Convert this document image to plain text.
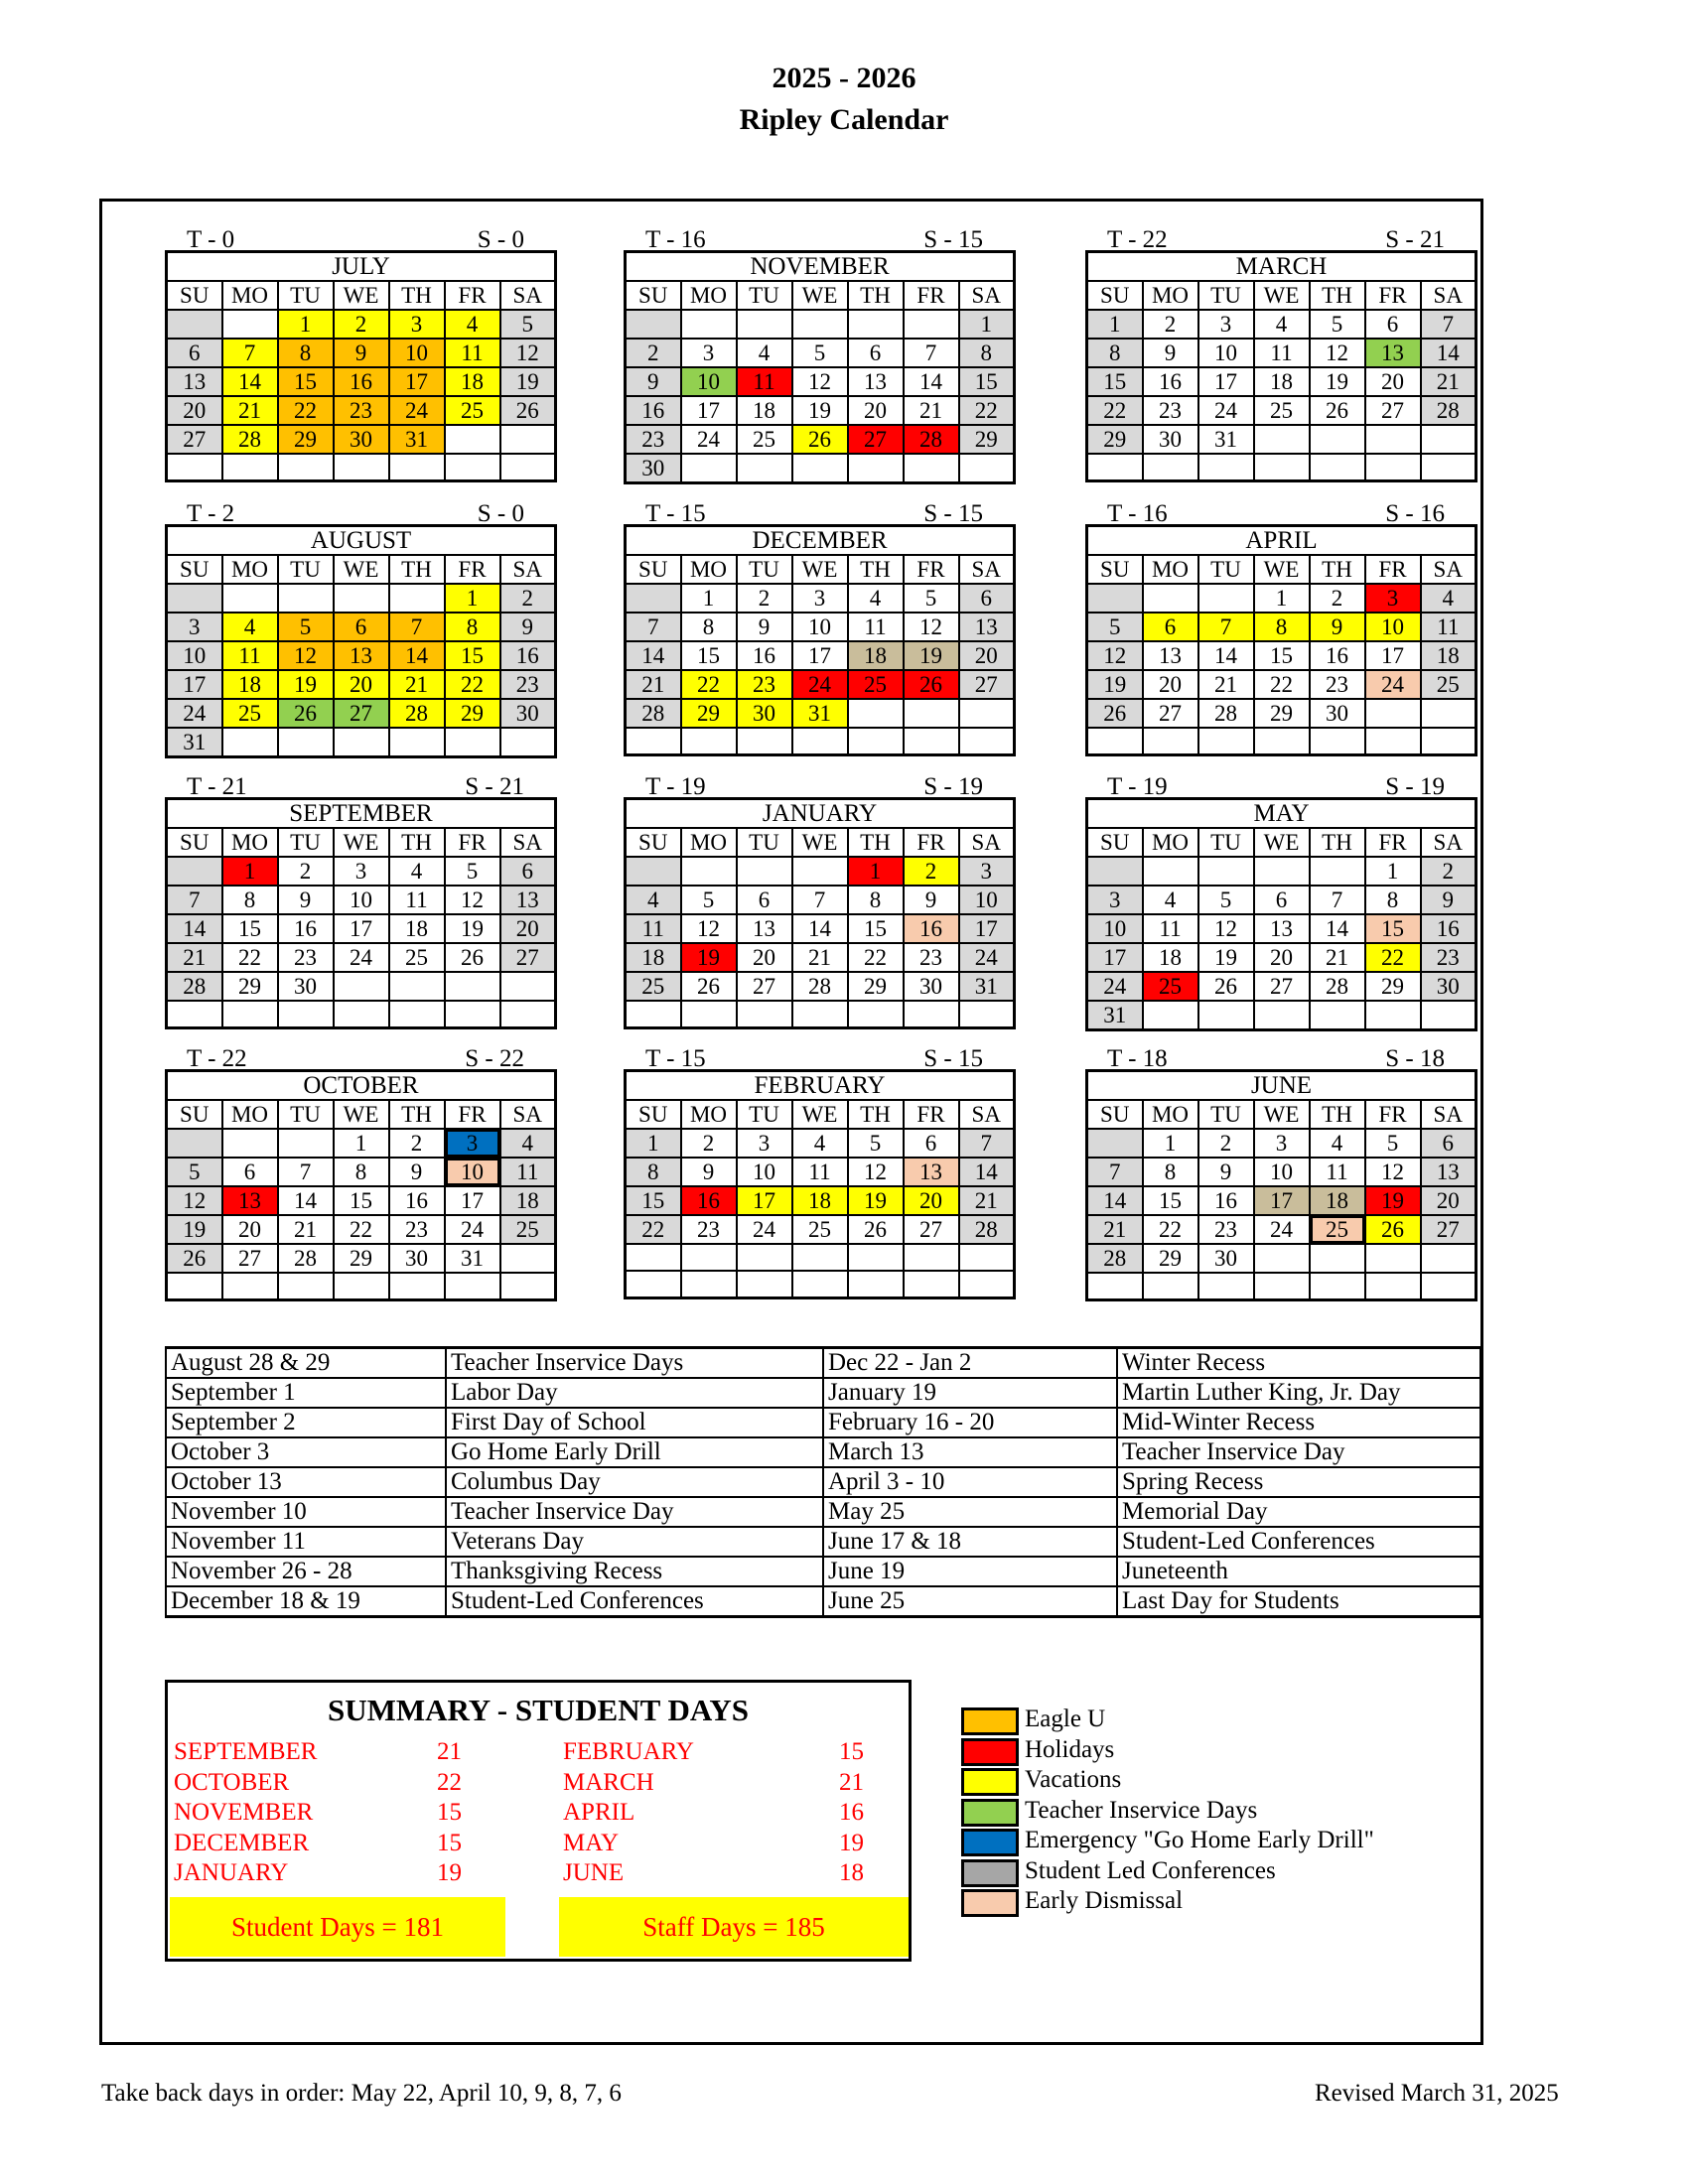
2025 - 2026
Ripley Calendar
T - 0	S - 0
JULY						
SU	MO	TU	WE	TH	FR	SA
		1	2	3	4	5
6	7	8	9	10	11	12
13	14	15	16	17	18	19
20	21	22	23	24	25	26
27	28	29	30	31		

T - 16	S - 15
NOVEMBER						
SU	MO	TU	WE	TH	FR	SA
						1
2	3	4	5	6	7	8
9	10	11	12	13	14	15
16	17	18	19	20	21	22
23	24	25	26	27	28	29
30						
T - 22	S - 21
MARCH						
SU	MO	TU	WE	TH	FR	SA
1	2	3	4	5	6	7
8	9	10	11	12	13	14
15	16	17	18	19	20	21
22	23	24	25	26	27	28
29	30	31				

T - 2	S - 0
AUGUST						
SU	MO	TU	WE	TH	FR	SA
					1	2
3	4	5	6	7	8	9
10	11	12	13	14	15	16
17	18	19	20	21	22	23
24	25	26	27	28	29	30
31						
T - 15	S - 15
DECEMBER						
SU	MO	TU	WE	TH	FR	SA
	1	2	3	4	5	6
7	8	9	10	11	12	13
14	15	16	17	18	19	20
21	22	23	24	25	26	27
28	29	30	31			

T - 16	S - 16
APRIL						
SU	MO	TU	WE	TH	FR	SA
			1	2	3	4
5	6	7	8	9	10	11
12	13	14	15	16	17	18
19	20	21	22	23	24	25
26	27	28	29	30		

T - 21	S - 21
SEPTEMBER						
SU	MO	TU	WE	TH	FR	SA
	1	2	3	4	5	6
7	8	9	10	11	12	13
14	15	16	17	18	19	20
21	22	23	24	25	26	27
28	29	30				

T - 19	S - 19
JANUARY						
SU	MO	TU	WE	TH	FR	SA
				1	2	3
4	5	6	7	8	9	10
11	12	13	14	15	16	17
18	19	20	21	22	23	24
25	26	27	28	29	30	31

T - 19	S - 19
MAY						
SU	MO	TU	WE	TH	FR	SA
					1	2
3	4	5	6	7	8	9
10	11	12	13	14	15	16
17	18	19	20	21	22	23
24	25	26	27	28	29	30
31						
T - 22	S - 22
OCTOBER						
SU	MO	TU	WE	TH	FR	SA
			1	2	3	4
5	6	7	8	9	10	11
12	13	14	15	16	17	18
19	20	21	22	23	24	25
26	27	28	29	30	31	

T - 15	S - 15
FEBRUARY						
SU	MO	TU	WE	TH	FR	SA
1	2	3	4	5	6	7
8	9	10	11	12	13	14
15	16	17	18	19	20	21
22	23	24	25	26	27	28

T - 18	S - 18
JUNE						
SU	MO	TU	WE	TH	FR	SA
	1	2	3	4	5	6
7	8	9	10	11	12	13
14	15	16	17	18	19	20
21	22	23	24	25	26	27
28	29	30				

August 28 & 29	Teacher Inservice Days	Dec 22 - Jan 2	Winter Recess
September 1	Labor Day	January 19	Martin Luther King, Jr. Day
September 2	First Day of School	February 16 - 20	Mid-Winter Recess
October 3	Go Home Early Drill	March 13	Teacher Inservice Day
October 13	Columbus Day	April 3 - 10	Spring Recess
November 10	Teacher Inservice Day	May 25	Memorial Day
November 11	Veterans Day	June 17 & 18	Student-Led Conferences
November 26 - 28	Thanksgiving Recess	June 19	Juneteenth
December 18 & 19	Student-Led Conferences	June 25	Last Day for Students
SUMMARY - STUDENT DAYS
SEPTEMBER	21
OCTOBER	22
NOVEMBER	15
DECEMBER	15
JANUARY	19
FEBRUARY	15
MARCH	21
APRIL	16
MAY	19
JUNE	18
Student Days = 181	Staff Days = 185
Eagle U
Holidays
Vacations
Teacher Inservice Days
Emergency "Go Home Early Drill"
Student Led Conferences
Early Dismissal
Take back days in order: May 22, April 10, 9, 8, 7, 6	Revised March 31, 2025
